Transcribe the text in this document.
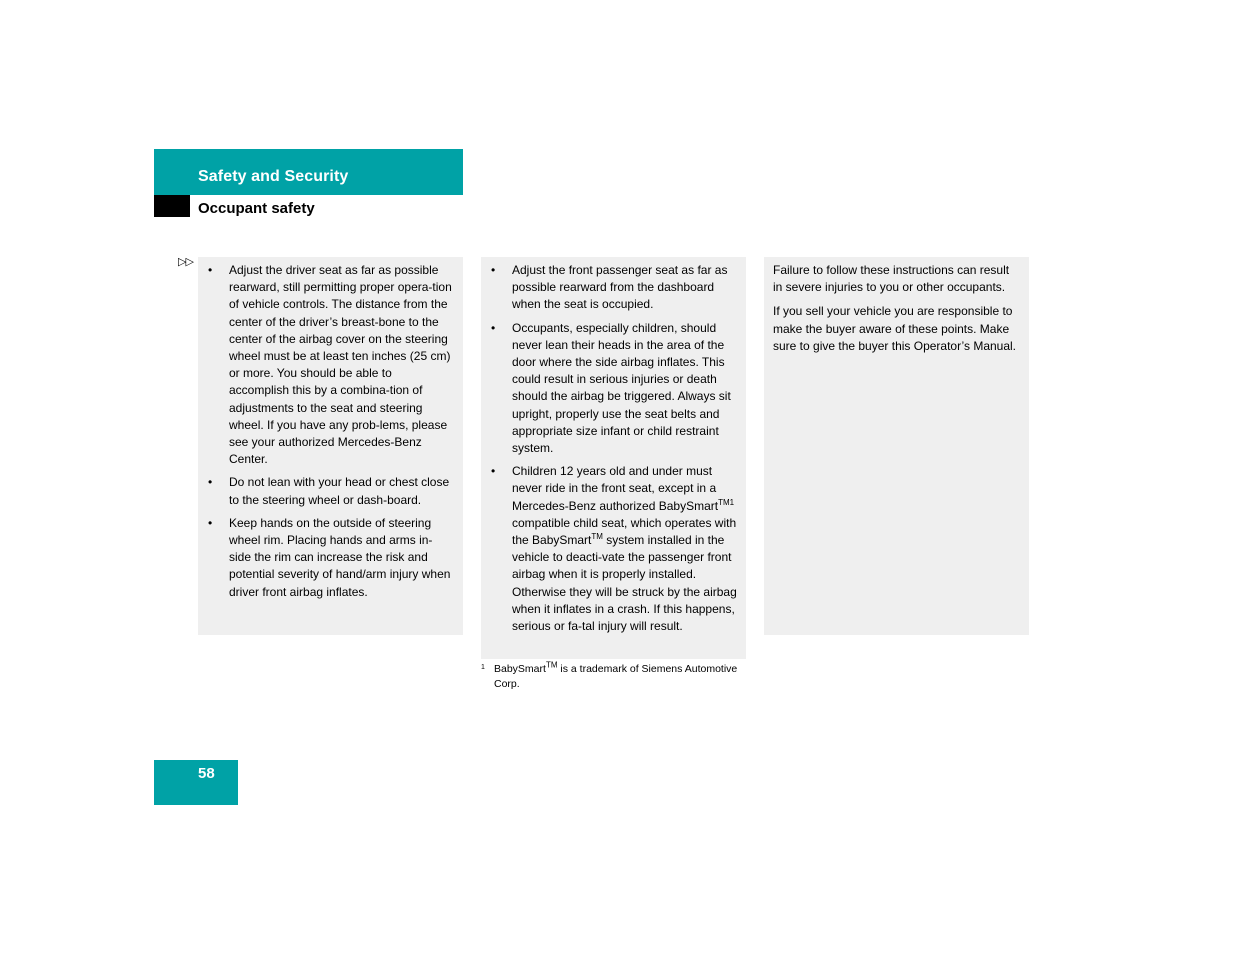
Safety and Security
Occupant safety
▷▷
• Adjust the driver seat as far as possible rearward, still permitting proper opera-tion of vehicle controls. The distance from the center of the driver’s breast-bone to the center of the airbag cover on the steering wheel must be at least ten inches (25 cm) or more. You should be able to accomplish this by a combina-tion of adjustments to the seat and steering wheel. If you have any prob-lems, please see your authorized Mercedes-Benz Center.
• Do not lean with your head or chest close to the steering wheel or dash-board.
• Keep hands on the outside of steering wheel rim. Placing hands and arms in-side the rim can increase the risk and potential severity of hand/arm injury when driver front airbag inflates.
• Adjust the front passenger seat as far as possible rearward from the dashboard when the seat is occupied.
• Occupants, especially children, should never lean their heads in the area of the door where the side airbag inflates. This could result in serious injuries or death should the airbag be triggered. Always sit upright, properly use the seat belts and appropriate size infant or child restraint system.
• Children 12 years old and under must never ride in the front seat, except in a Mercedes-Benz authorized BabySmart$^{TM1}$ compatible child seat, which operates with the BabySmart™ system installed in the vehicle to deacti-vate the passenger front airbag when it is properly installed. Otherwise they will be struck by the airbag when it inflates in a crash. If this happens, serious or fa-tal injury will result.
1 BabySmart™ is a trademark of Siemens Automotive Corp.

Failure to follow these instructions can result in severe injuries to you or other occupants.

If you sell your vehicle you are responsible to make the buyer aware of these points. Make sure to give the buyer this Operator’s Manual.

58
